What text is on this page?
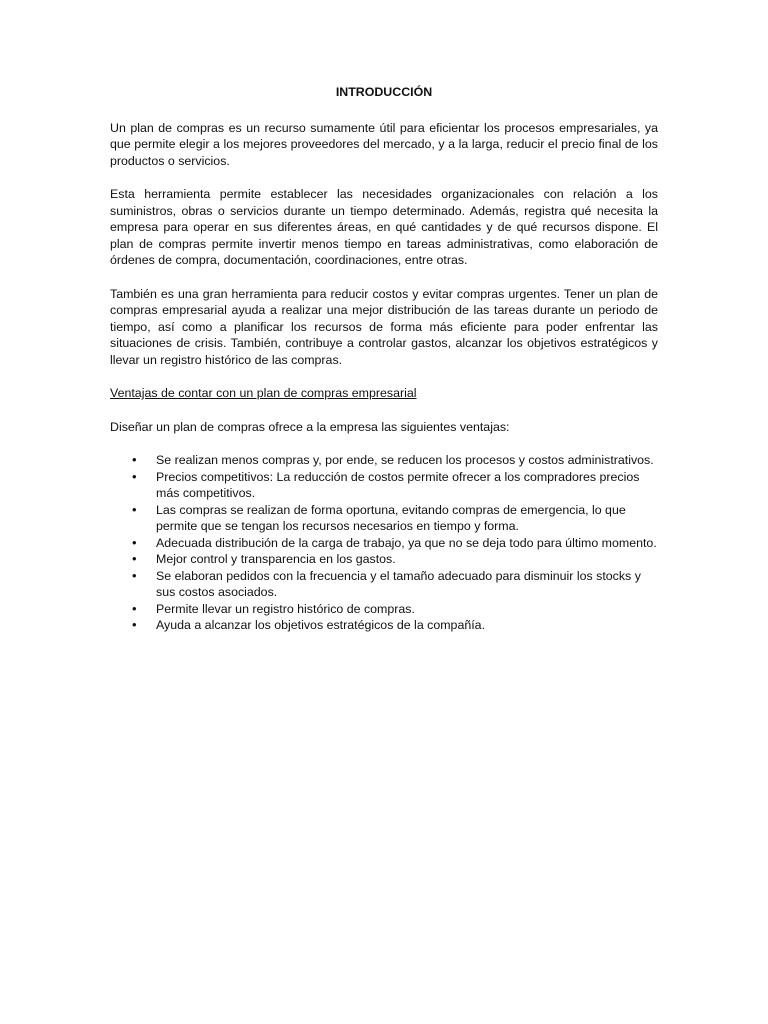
INTRODUCCIÓN

Un plan de compras es un recurso sumamente útil para eficientar los procesos empresariales, ya que permite elegir a los mejores proveedores del mercado, y a la larga, reducir el precio final de los productos o servicios.

Esta herramienta permite establecer las necesidades organizacionales con relación a los suministros, obras o servicios durante un tiempo determinado. Además, registra qué necesita la empresa para operar en sus diferentes áreas, en qué cantidades y de qué recursos dispone. El plan de compras permite invertir menos tiempo en tareas administrativas, como elaboración de órdenes de compra, documentación, coordinaciones, entre otras.

También es una gran herramienta para reducir costos y evitar compras urgentes. Tener un plan de compras empresarial ayuda a realizar una mejor distribución de las tareas durante un periodo de tiempo, así como a planificar los recursos de forma más eficiente para poder enfrentar las situaciones de crisis. También, contribuye a controlar gastos, alcanzar los objetivos estratégicos y llevar un registro histórico de las compras.

Ventajas de contar con un plan de compras empresarial
Diseñar un plan de compras ofrece a la empresa las siguientes ventajas:
• Se realizan menos compras y, por ende, se reducen los procesos y costos administrativos.
• Precios competitivos: La reducción de costos permite ofrecer a los compradores precios más competitivos.
• Las compras se realizan de forma oportuna, evitando compras de emergencia, lo que permite que se tengan los recursos necesarios en tiempo y forma.
• Adecuada distribución de la carga de trabajo, ya que no se deja todo para último momento.
• Mejor control y transparencia en los gastos.
• Se elaboran pedidos con la frecuencia y el tamaño adecuado para disminuir los stocks y sus costos asociados.
• Permite llevar un registro histórico de compras.
• Ayuda a alcanzar los objetivos estratégicos de la compañía.
